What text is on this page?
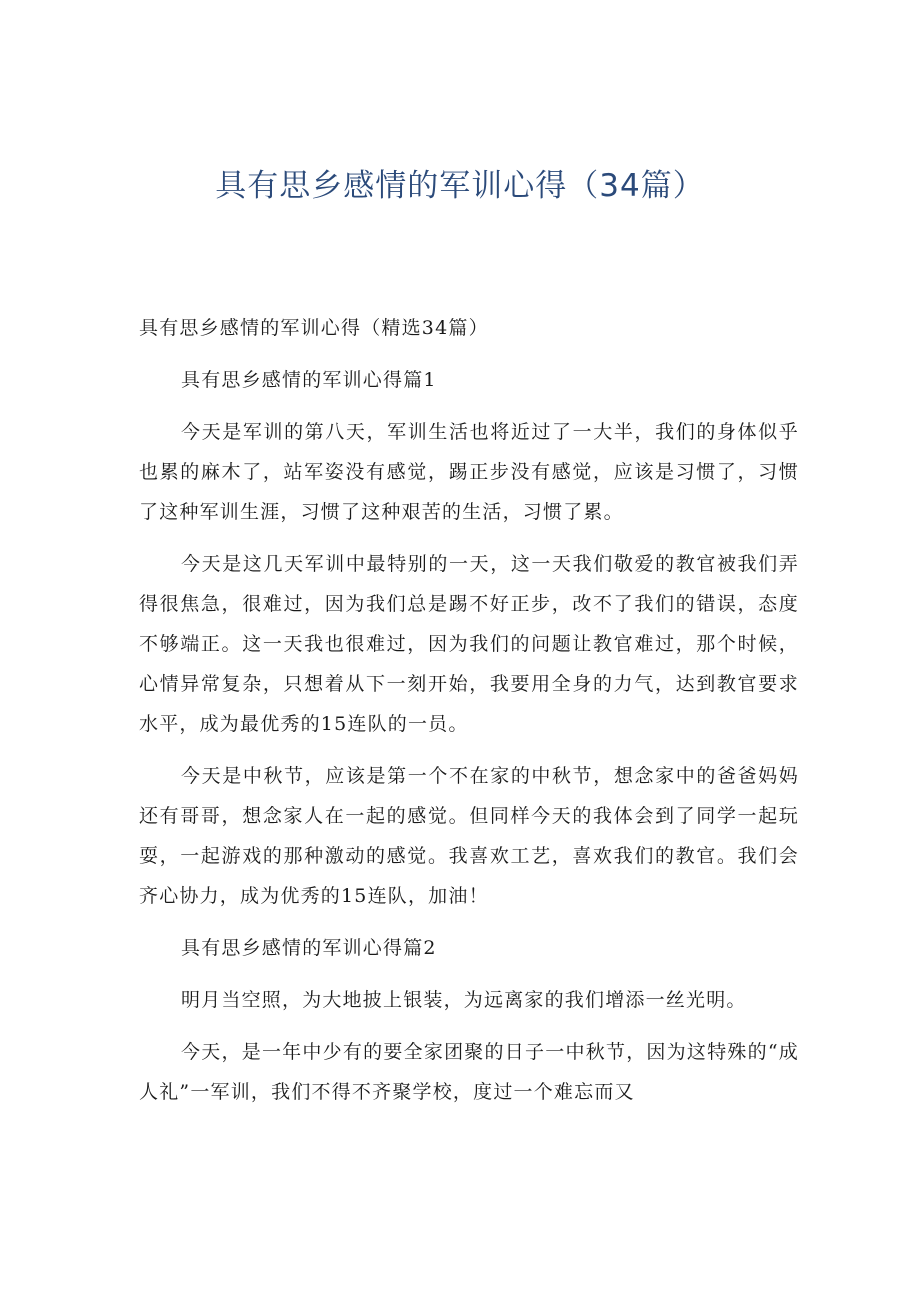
具有思乡感情的军训心得（34篇）

具有思乡感情的军训心得（精选34篇）

具有思乡感情的军训心得篇1

今天是军训的第八天，军训生活也将近过了一大半，我们的身体似乎也累的麻木了，站军姿没有感觉，踢正步没有感觉，应该是习惯了，习惯了这种军训生涯，习惯了这种艰苦的生活，习惯了累。

今天是这几天军训中最特别的一天，这一天我们敬爱的教官被我们弄得很焦急，很难过，因为我们总是踢不好正步，改不了我们的错误，态度不够端正。这一天我也很难过，因为我们的问题让教官难过，那个时候，心情异常复杂，只想着从下一刻开始，我要用全身的力气，达到教官要求水平，成为最优秀的15连队的一员。

今天是中秋节，应该是第一个不在家的中秋节，想念家中的爸爸妈妈还有哥哥，想念家人在一起的感觉。但同样今天的我体会到了同学一起玩耍，一起游戏的那种激动的感觉。我喜欢工艺，喜欢我们的教官。我们会齐心协力，成为优秀的15连队，加油！

具有思乡感情的军训心得篇2

明月当空照，为大地披上银装，为远离家的我们增添一丝光明。

今天，是一年中少有的要全家团聚的日子一中秋节，因为这特殊的“成人礼”一军训，我们不得不齐聚学校，度过一个难忘而又
